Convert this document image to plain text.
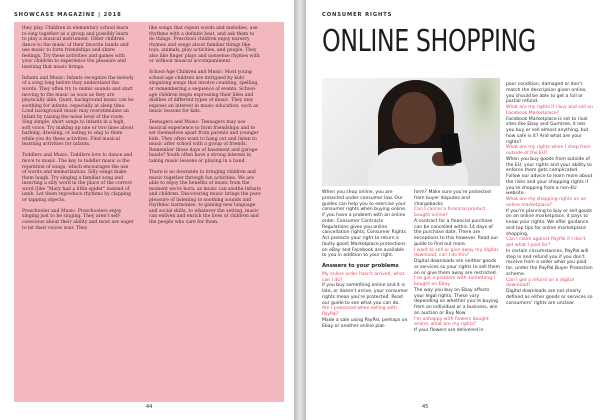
SHOWCASE MAGAZINE | 2018

they play. Children in elementary school learn to sing together as a group and possibly learn to play a musical instrument. Older children dance to the music of their favorite bands and use music to form friendships and share feelings. Try these activities and games with your children to experience the pleasure and learning that music brings.

Infants and Music: Infants recognize the melody of a song long before they understand the words. They often try to mimic sounds and start moving to the music as soon as they are physically able. Quiet, background music can be soothing for infants, especially at sleep time. Loud background music may overstimulate an infant by raising the noise level of the room. Sing simple, short songs to infants in a high, soft voice. Try making up one or two lines about bathing, dressing, or eating to sing to them while you do these activities. Find musical learning activities for infants.

Toddlers and Music: Toddlers love to dance and move to music. The key to toddler music is the repetition of songs, which encourages the use of words and memorization. Silly songs make them laugh. Try singing a familiar song and inserting a silly word in the place of the correct word (like "Mary had a little spider" instead of lamb. Let them reproduce rhythms by clapping or tapping objects.

Preschooler and Music: Preschoolers enjoy singing just to be singing. They aren't self-conscious about their ability and most are eager to let their voices soar. They

like songs that repeat words and melodies, use rhythms with a definite beat, and ask them to do things. Preschool children enjoy nursery rhymes and songs about familiar things like toys, animals, play activities, and people. They also like finger plays and nonsense rhymes with or without musical accompaniment.

School-Age Children and Music: Most young school-age children are intrigued by kids' singalong songs that involve counting, spelling, or remembering a sequence of events. School-age children begin expressing their likes and dislikes of different types of music. They may express an interest in music education, such as music lessons for kids.

Teenagers and Music: Teenagers may use musical experience to form friendships and to set themselves apart from parents and younger kids. They often want to hang out and listen to music after school with a group of friends. Remember those days of basement and garage bands? Youth often have a strong interest in taking music lessons or playing in a band.

There is no downside to bringing children and music together through fun activities. We are able to enjoy the benefits of music from the moment we're born, as music can soothe infants and children. Discovering music brings the pure pleasure of listening to soothing sounds and rhythmic harmonies, to gaining new language and social skills, to whatever the setting, music can enliven and enrich the lives of children and the people who care for them.

44
CONSUMER RIGHTS
ONLINE SHOPPING

When you shop online, you are protected under consumer law. Our guides can help you to exercise your consumer rights when buying online, if you have a problem with an online order. Consumer Contracts Regulations gives you online cancellation rights; Consumer Rights Act protects your right to return a faulty good; Marketplace protections on eBay and Facebook are available to you in addition to your right.

Answers to your problems

My online order hasn't arrived, what can I do?

If you buy something online and it is late, or doesn't arrive, your consumer rights mean you're protected. Read our guide to see what you can do.

Am I protected when selling with PayPal?

Made a sale using PayPal, perhaps on Ebay or another online plat-

form? Make sure you're protected from buyer disputes and chargebacks

Can I cancel a financial product bought online?

A contract for a financial purchase can be cancelled within 14 days of the purchase date. There are exceptions to this however. Read our guide to find out more.

I want to sell or give away my digital download, can I do this?

Digital downloads are neither goods or services so your rights to sell them on or give them away are restricted.

I've got a problem with something I bought on Ebay

The way you buy on Ebay affects your legal rights. These vary depending on whether you're buying from an individual or a business, win an auction or Buy Now

I'm unhappy with flowers bought online, what are my rights?

If your flowers are delivered in

poor condition, damaged or don't match the description given online, you should be able to get a full or partial refund.

What are my rights if I buy and sell on Facebook Marketplace?

Facebook Marketplace is set to rival sites like Ebay and Gumtree, it lets you buy or sell almost anything, but how safe is it? And what are your rights?

What are my rights when I shop from outside of the EU?

When you buy goods from outside of the EU, your rights and your ability to enforce them gets complicated. Follow our advice to learn more about the risks and your shopping rights if you're shopping from a non-EU website.

What are my shopping rights on an online marketplace?

If you're planning to buy or sell goods on an online marketplace, it pays to know your rights. We offer guidance and top tips for online marketplace shopping,

Can I claim against PayPal if I don't get what I paid for?

In certain circumstances, PayPal will step in and refund you if you don't receive from a seller what you paid for, under the PayPal Buyer Protection scheme.

Can I get a refund on a digital download?

Digital downloads are not clearly defined as either goods or services so consumers' rights are unclear.

45
